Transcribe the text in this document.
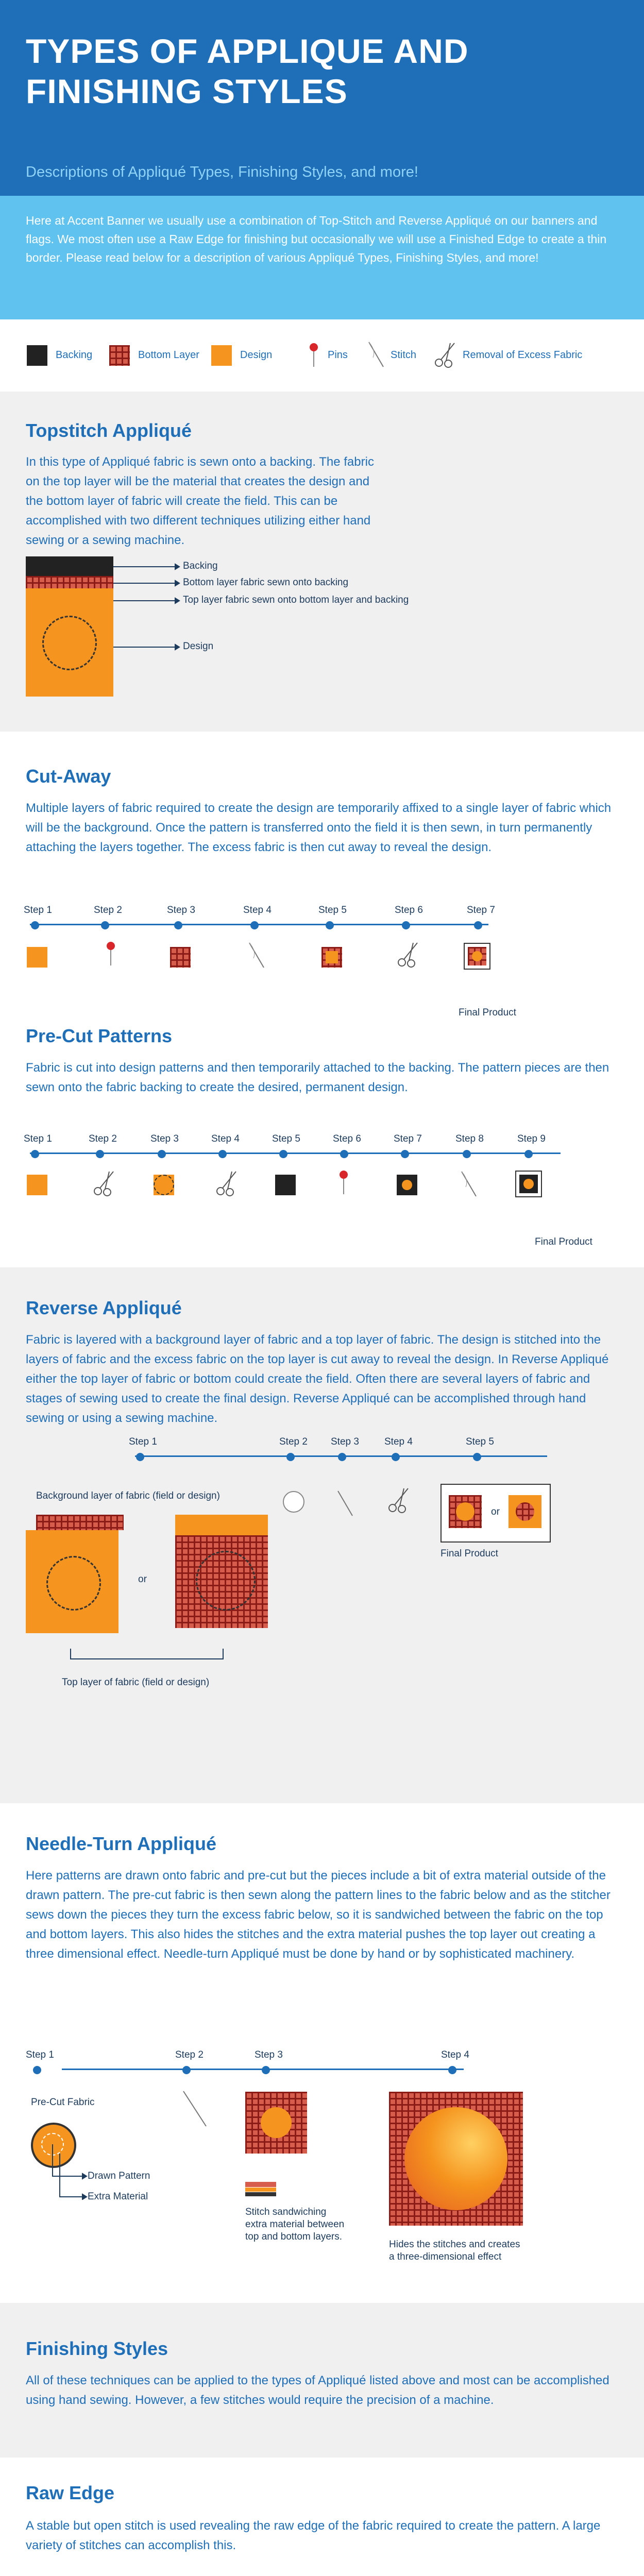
TYPES OF APPLIQUE AND FINISHING STYLES
Descriptions of Appliqué Types, Finishing Styles, and more!
Here at Accent Banner we usually use a combination of Top-Stitch and Reverse Appliqué on our banners and flags. We most often use a Raw Edge for finishing but occasionally we will use a Finished Edge to create a thin border. Please read below for a description of various Appliqué Types, Finishing Styles, and more!
Backing	Bottom Layer	Design	Pins	Stitch	Removal of Excess Fabric
Topstitch Appliqué
In this type of Appliqué fabric is sewn onto a backing. The fabric on the top layer will be the material that creates the design and the bottom layer of fabric will create the field. This can be accomplished with two different techniques utilizing either hand sewing or a sewing machine.
Backing
Bottom layer fabric sewn onto backing
Top layer fabric sewn onto bottom layer and backing
Design
Cut-Away
Multiple layers of fabric required to create the design are temporarily affixed to a single layer of fabric which will be the background. Once the pattern is transferred onto the field it is then sewn, in turn permanently attaching the layers together. The excess fabric is then cut away to reveal the design.
Step 1	Step 2	Step 3	Step 4	Step 5	Step 6	Step 7
Final Product
Pre-Cut Patterns
Fabric is cut into design patterns and then temporarily attached to the backing. The pattern pieces are then sewn onto the fabric backing to create the desired, permanent design.
Step 1	Step 2	Step 3	Step 4	Step 5	Step 6	Step 7	Step 8	Step 9
Final Product
Reverse Appliqué
Fabric is layered with a background layer of fabric and a top layer of fabric. The design is stitched into the layers of fabric and the excess fabric on the top layer is cut away to reveal the design. In Reverse Appliqué either the top layer of fabric or bottom could create the field. Often there are several layers of fabric and stages of sewing used to create the final design. Reverse Appliqué can be accomplished through hand sewing or using a sewing machine.
Step 1	Step 2 Step 3	Step 4	Step 5
Background layer of fabric (field or design)
or
Top layer of fabric (field or design)
or
Final Product
Needle-Turn Appliqué
Here patterns are drawn onto fabric and pre-cut but the pieces include a bit of extra material outside of the drawn pattern. The pre-cut fabric is then sewn along the pattern lines to the fabric below and as the stitcher sews down the pieces they turn the excess fabric below, so it is sandwiched between the fabric on the top and bottom layers. This also hides the stitches and the extra material pushes the top layer out creating a three dimensional effect. Needle-turn Appliqué must be done by hand or by sophisticated machinery.
Step 1	Step 2	Step 3	Step 4
Pre-Cut Fabric
Drawn Pattern
Extra Material
Stitch sandwiching extra material between top and bottom layers.
Hides the stitches and creates a three-dimensional effect
Finishing Styles
All of these techniques can be applied to the types of Appliqué listed above and most can be accomplished using hand sewing. However, a few stitches would require the precision of a machine.
Raw Edge
A stable but open stitch is used revealing the raw edge of the fabric required to create the pattern. A large variety of stitches can accomplish this.
